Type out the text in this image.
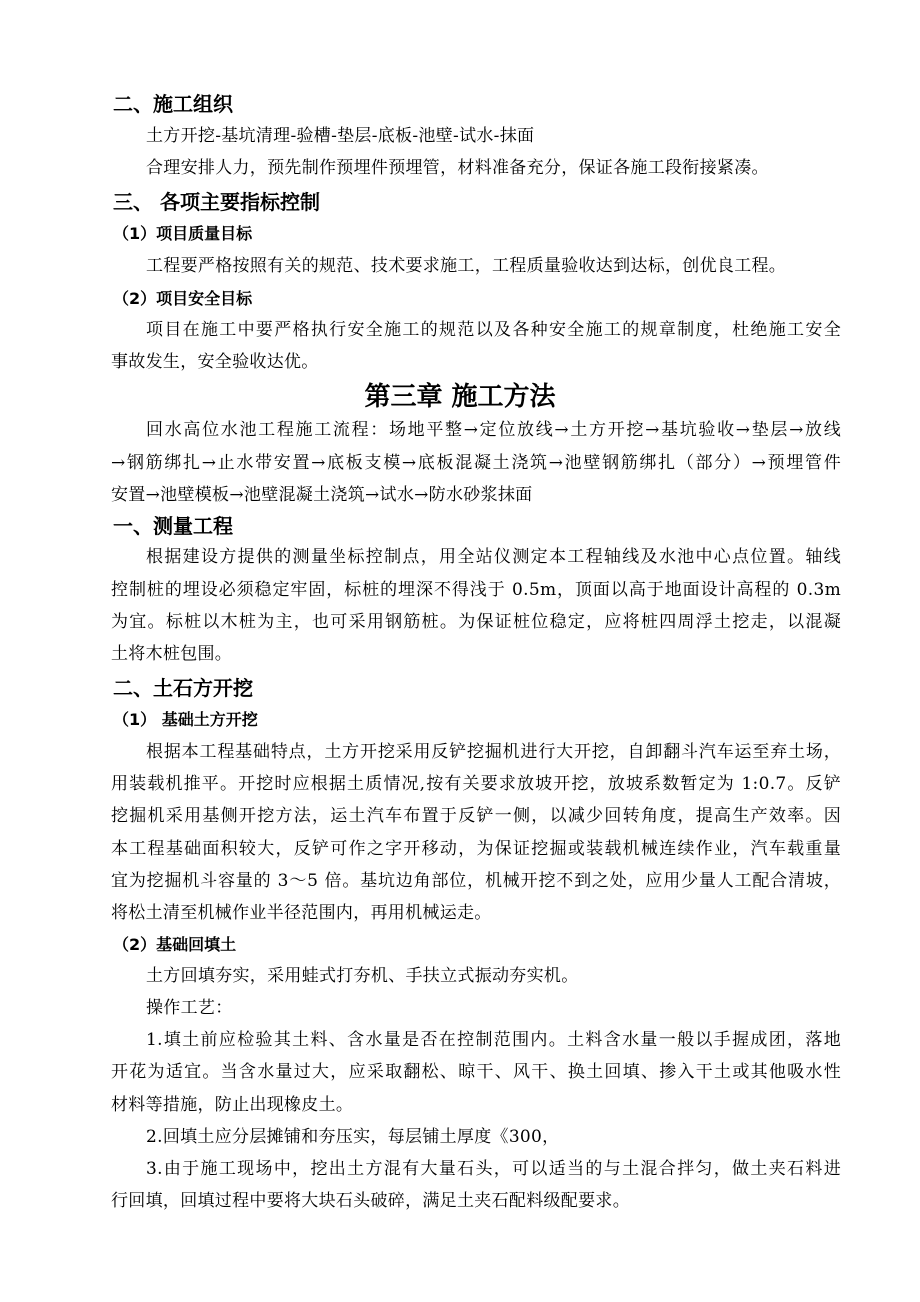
二、施工组织
土方开挖-基坑清理-验槽-垫层-底板-池壁-试水-抹面
合理安排人力，预先制作预埋件预埋管，材料准备充分，保证各施工段衔接紧凑。
三、 各项主要指标控制
（1）项目质量目标
工程要严格按照有关的规范、技术要求施工，工程质量验收达到达标，创优良工程。
（2）项目安全目标
项目在施工中要严格执行安全施工的规范以及各种安全施工的规章制度，杜绝施工安全
事故发生，安全验收达优。
第三章 施工方法
回水高位水池工程施工流程：场地平整→定位放线→土方开挖→基坑验收→垫层→放线
→钢筋绑扎→止水带安置→底板支模→底板混凝土浇筑→池壁钢筋绑扎（部分）→预埋管件
安置→池壁模板→池壁混凝土浇筑→试水→防水砂浆抹面
一、测量工程
根据建设方提供的测量坐标控制点，用全站仪测定本工程轴线及水池中心点位置。轴线
控制桩的埋设必须稳定牢固，标桩的埋深不得浅于 0.5m，顶面以高于地面设计高程的 0.3m
为宜。标桩以木桩为主，也可采用钢筋桩。为保证桩位稳定，应将桩四周浮土挖走，以混凝
土将木桩包围。
二、土石方开挖
（1） 基础土方开挖
根据本工程基础特点，土方开挖采用反铲挖掘机进行大开挖，自卸翻斗汽车运至弃土场，
用装载机推平。开挖时应根据土质情况,按有关要求放坡开挖，放坡系数暂定为 1:0.7。反铲
挖掘机采用基侧开挖方法，运土汽车布置于反铲一侧，以减少回转角度，提高生产效率。因
本工程基础面积较大，反铲可作之字开移动，为保证挖掘或装载机械连续作业，汽车载重量
宜为挖掘机斗容量的 3～5 倍。基坑边角部位，机械开挖不到之处，应用少量人工配合清坡，
将松土清至机械作业半径范围内，再用机械运走。
（2）基础回填土
土方回填夯实，采用蛙式打夯机、手扶立式振动夯实机。
操作工艺：
1.填土前应检验其土料、含水量是否在控制范围内。土料含水量一般以手握成团，落地
开花为适宜。当含水量过大，应采取翻松、晾干、风干、换土回填、掺入干土或其他吸水性
材料等措施，防止出现橡皮土。
2.回填土应分层摊铺和夯压实，每层铺土厚度《300，
3.由于施工现场中，挖出土方混有大量石头，可以适当的与土混合拌匀，做土夹石料进
行回填，回填过程中要将大块石头破碎，满足土夹石配料级配要求。
